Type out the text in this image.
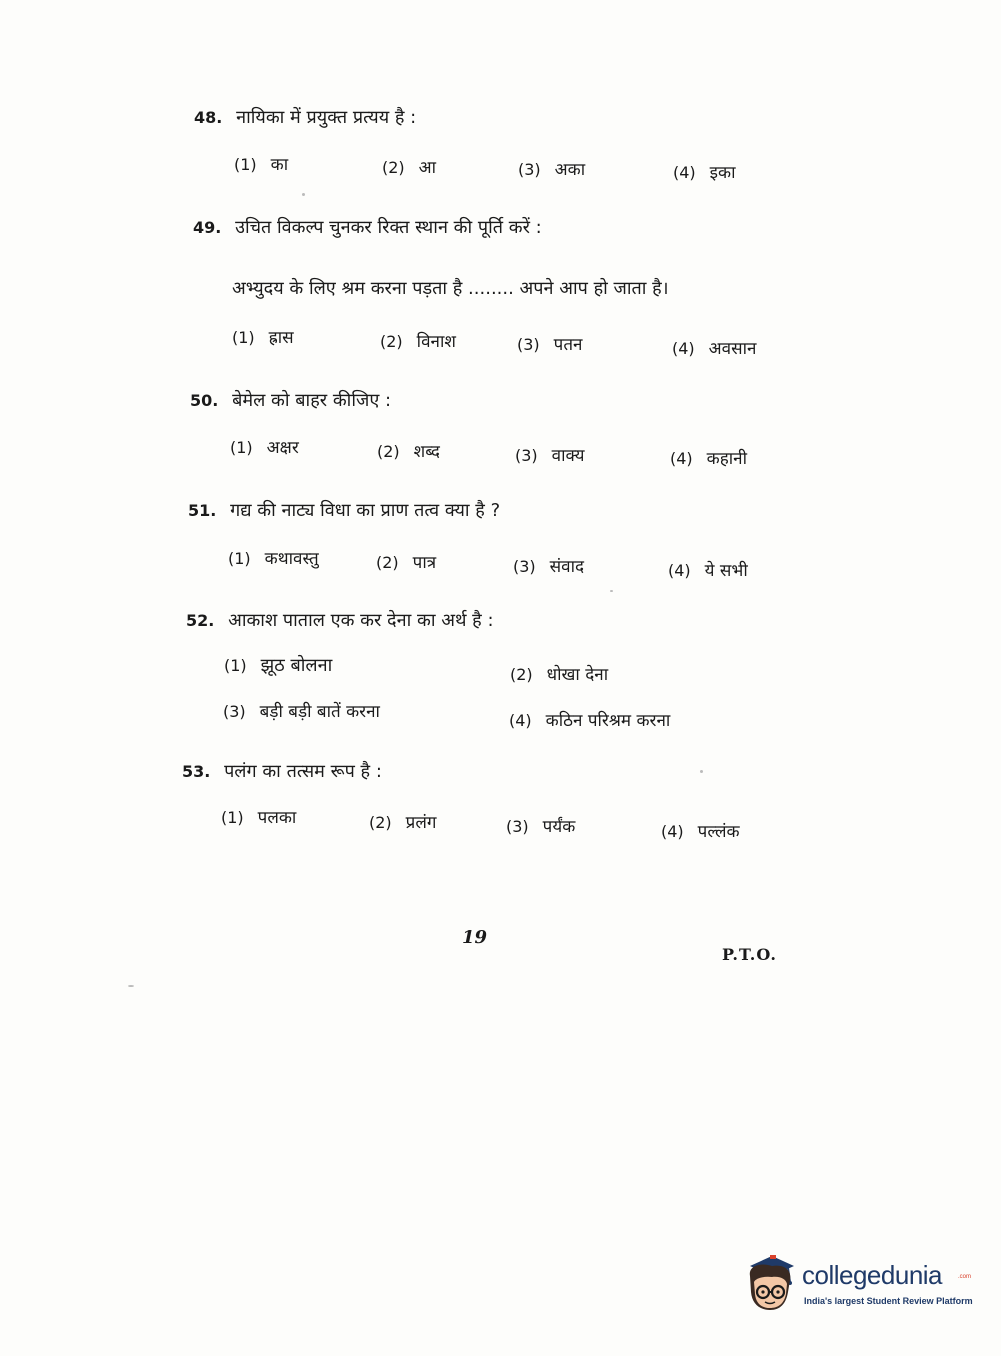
48. नायिका में प्रयुक्त प्रत्यय है :
(1) का	(2) आ	(3) अका	(4) इका
49. उचित विकल्प चुनकर रिक्त स्थान की पूर्ति करें :
अभ्युदय के लिए श्रम करना पड़ता है ........ अपने आप हो जाता है।
(1) ह्रास	(2) विनाश	(3) पतन	(4) अवसान
50. बेमेल को बाहर कीजिए :
(1) अक्षर	(2) शब्द	(3) वाक्य	(4) कहानी
51. गद्य की नाट्य विधा का प्राण तत्व क्या है ?
(1) कथावस्तु	(2) पात्र	(3) संवाद	(4) ये सभी
52. आकाश पाताल एक कर देना का अर्थ है :
(1) झूठ बोलना	(2) धोखा देना
(3) बड़ी बड़ी बातें करना	(4) कठिन परिश्रम करना
53. पलंग का तत्सम रूप है :
(1) पलका	(2) प्रलंग	(3) पर्यंक	(4) पल्लंक
19
P.T.O.
collegedunia	.com
India's largest Student Review Platform
